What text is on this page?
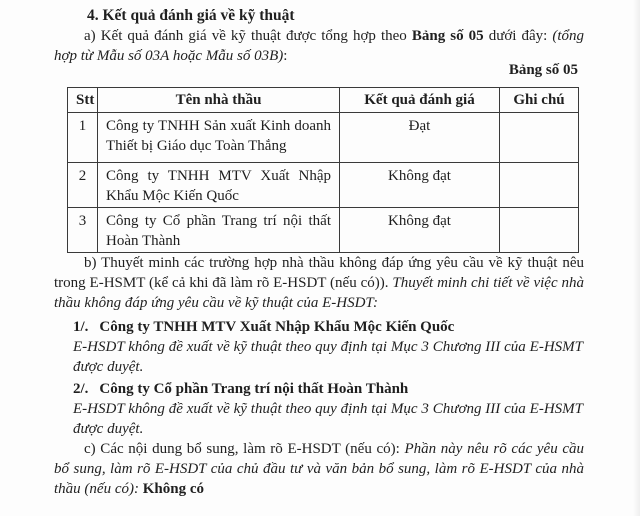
4. Kết quả đánh giá về kỹ thuật

a) Kết quả đánh giá về kỹ thuật được tổng hợp theo Bảng số 05 dưới đây: (tổng hợp từ Mẫu số 03A hoặc Mẫu số 03B):

Bảng số 05
Stt	Tên nhà thầu	Kết quả đánh giá	Ghi chú
1	Công ty TNHH Sản xuất Kinh doanh Thiết bị Giáo dục Toàn Thắng	Đạt	
2	Công ty TNHH MTV Xuất Nhập Khẩu Mộc Kiến Quốc	Không đạt	
3	Công ty Cổ phần Trang trí nội thất Hoàn Thành	Không đạt	

b) Thuyết minh các trường hợp nhà thầu không đáp ứng yêu cầu về kỹ thuật nêu trong E-HSMT (kể cả khi đã làm rõ E-HSDT (nếu có)). Thuyết minh chi tiết về việc nhà thầu không đáp ứng yêu cầu về kỹ thuật của E-HSDT:

1/. Công ty TNHH MTV Xuất Nhập Khẩu Mộc Kiến Quốc

E-HSDT không đề xuất về kỹ thuật theo quy định tại Mục 3 Chương III của E-HSMT được duyệt.

2/. Công ty Cổ phần Trang trí nội thất Hoàn Thành

E-HSDT không đề xuất về kỹ thuật theo quy định tại Mục 3 Chương III của E-HSMT được duyệt.

c) Các nội dung bổ sung, làm rõ E-HSDT (nếu có): Phần này nêu rõ các yêu cầu bổ sung, làm rõ E-HSDT của chủ đầu tư và văn bản bổ sung, làm rõ E-HSDT của nhà thầu (nếu có): Không có
